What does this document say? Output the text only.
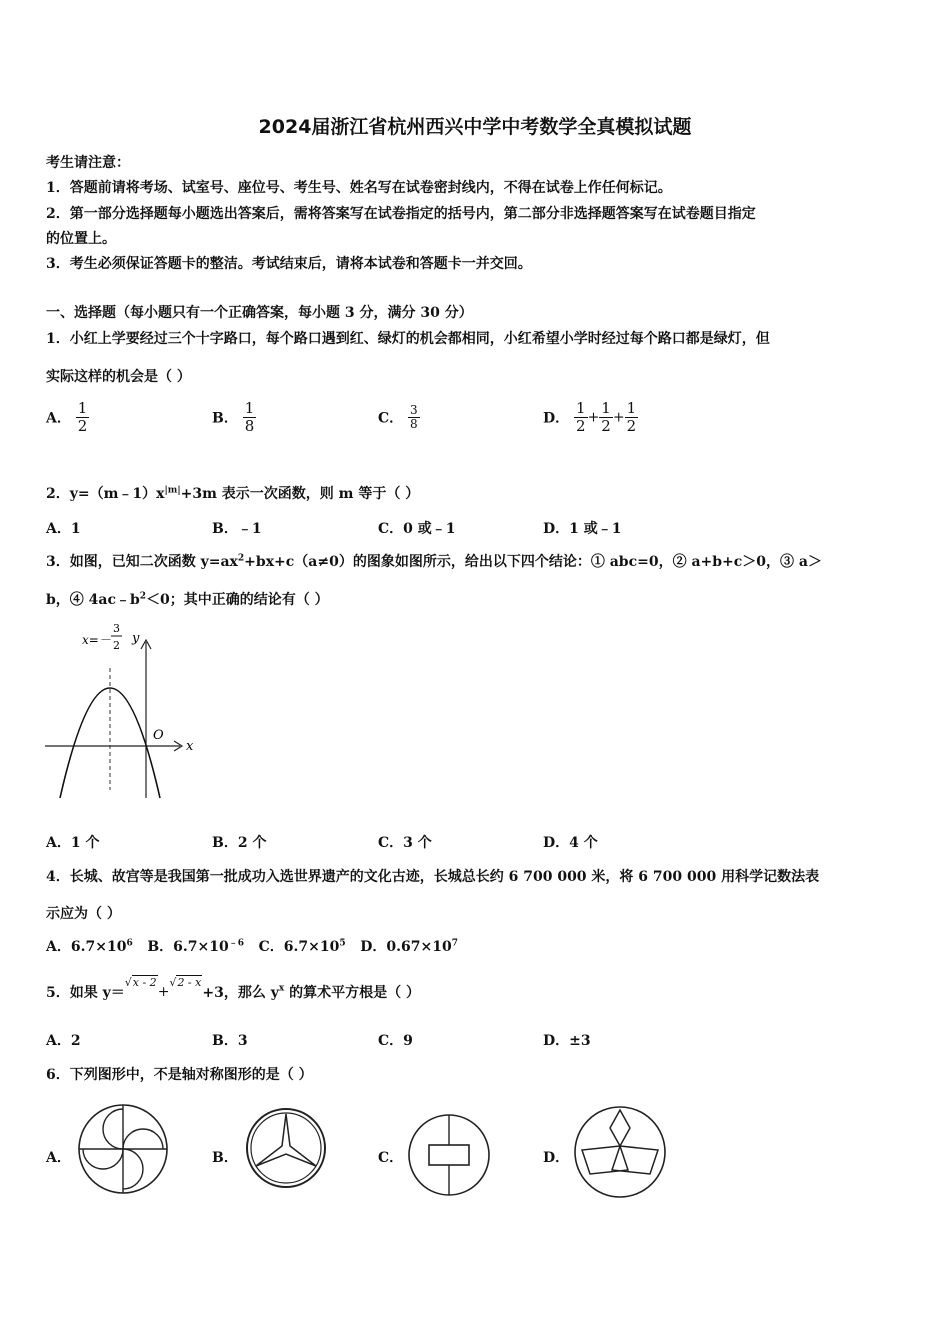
2024届浙江省杭州西兴中学中考数学全真模拟试题
考生请注意：
1．答题前请将考场、试室号、座位号、考生号、姓名写在试卷密封线内，不得在试卷上作任何标记。
2．第一部分选择题每小题选出答案后，需将答案写在试卷指定的括号内，第二部分非选择题答案写在试卷题目指定
的位置上。
3．考生必须保证答题卡的整洁。考试结束后，请将本试卷和答题卡一并交回。
一、选择题（每小题只有一个正确答案，每小题 3 分，满分 30 分）
1．小红上学要经过三个十字路口，每个路口遇到红、绿灯的机会都相同，小红希望小学时经过每个路口都是绿灯，但
实际这样的机会是（ ）
A． $\frac{1}{2}$	B． $\frac{1}{8}$	C． $\frac{3}{8}$	D． $\frac{1}{2} + \frac{1}{2} + \frac{1}{2}$
2．$y=(m﹣1)x^{|m|}+3m$ 表示一次函数，则 m 等于（ ）
A．1	B．﹣1	C．0 或﹣1	D．1 或﹣1
3．如图，已知二次函数 $y=ax^2+bx+c(a\ne 0)$的图象如图所示，给出以下四个结论：① abc=0，② a+b+c＞0，③ a＞
b，④ $4ac﹣b^2<0$；其中正确的结论有（ ）
x
y
O
x=－
3
2
A．1 个	B．2 个	C．3 个	D．4 个
4．长城、故宫等是我国第一批成功入选世界遗产的文化古迹，长城总长约 6 700 000 米，将 6 700 000 用科学记数法表
示应为（ ）
A．$6.7\times 10^6$ B．$6.7\times 10^{﹣6}$ C．$6.7\times 10^5$ D．$0.67\times 10^7$
5．如果 y＝$^{√x - 2}$+$^{√2 - x}$+3，那么 $y^x$ 的算术平方根是（ ）
A．2	B．3	C．9	D．±3
6．下列图形中，不是轴对称图形的是（ ）
A．	B．	C．	D．
